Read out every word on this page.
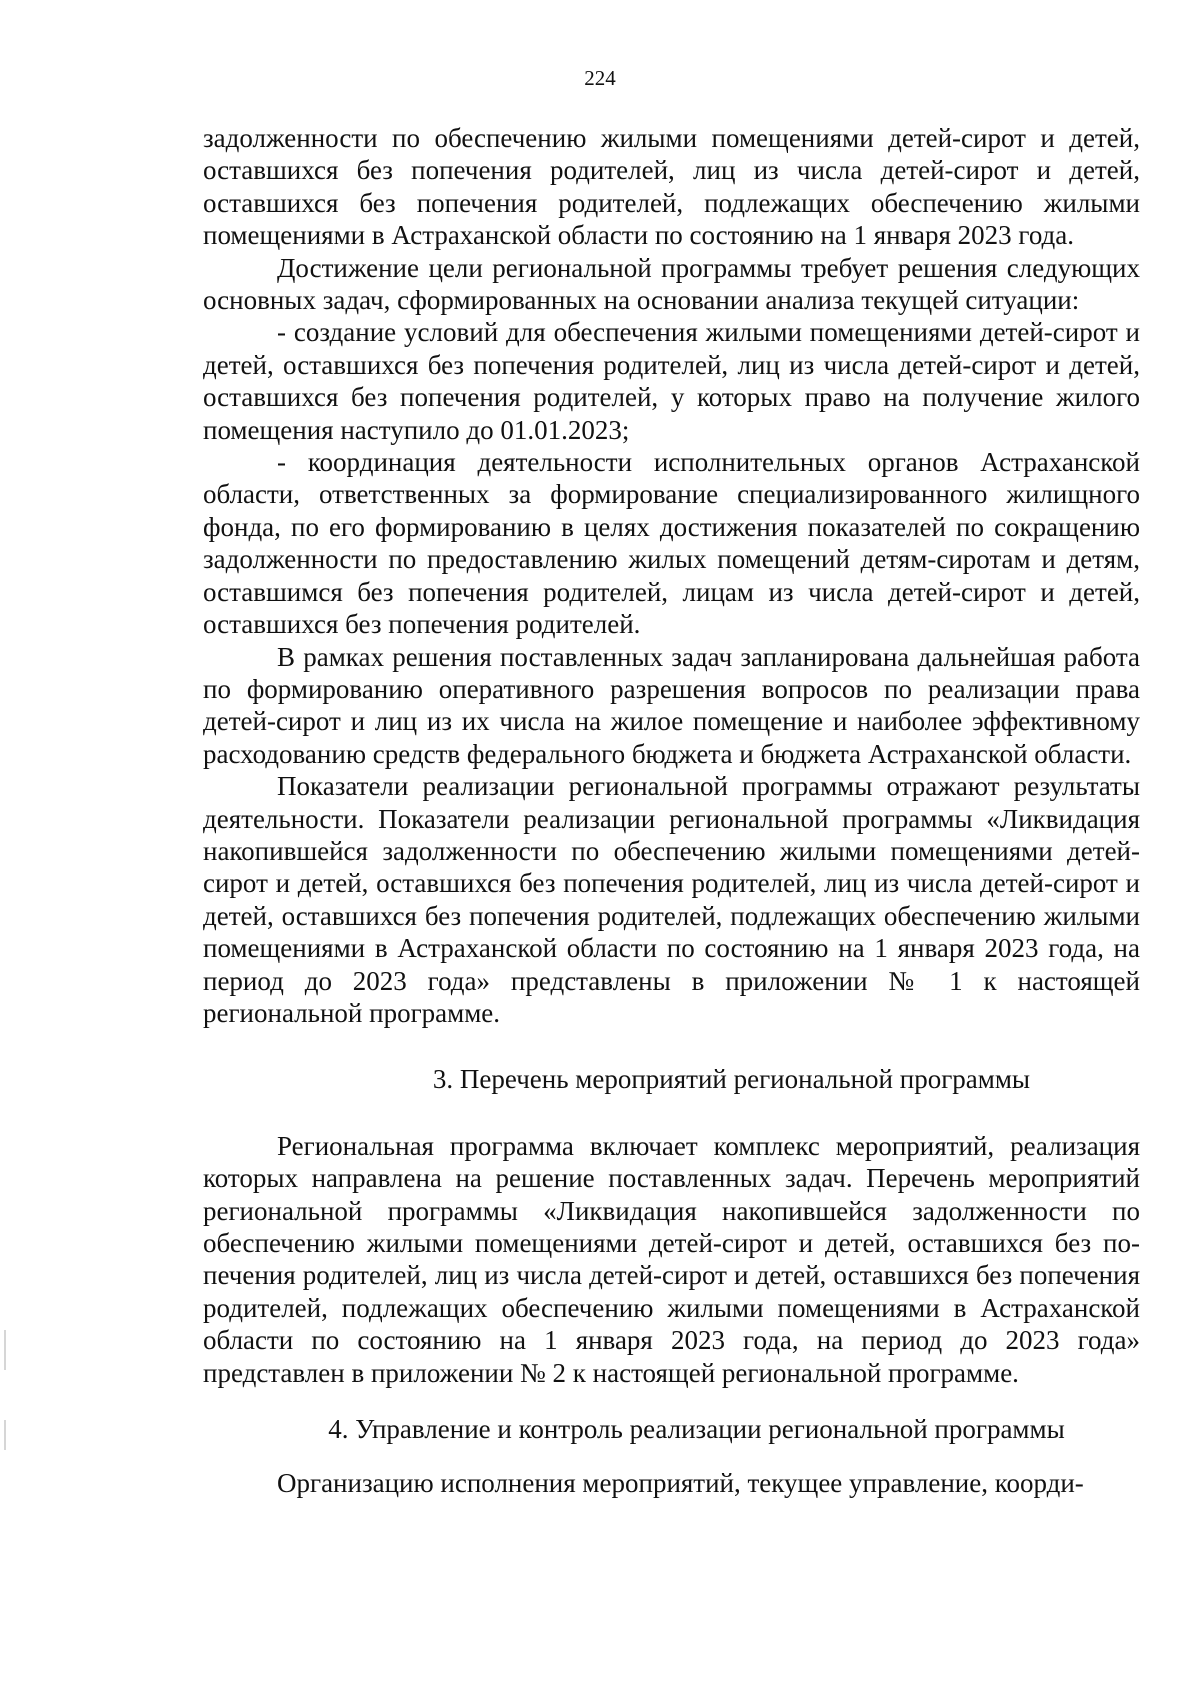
224

задолженности по обеспечению жилыми помещениями детей-сирот и детей, оставшихся без попечения родителей, лиц из числа детей-сирот и детей, оставшихся без попечения родителей, подлежащих обеспечению жилыми помещениями в Астраханской области по состоянию на 1 января 2023 года.

Достижение цели региональной программы требует решения следующих основных задач, сформированных на основании анализа текущей ситуации:

- создание условий для обеспечения жилыми помещениями детей-сирот и детей, оставшихся без попечения родителей, лиц из числа детей-сирот и детей, оставшихся без попечения родителей, у которых право на получение жилого помещения наступило до 01.01.2023;

- координация деятельности исполнительных органов Астраханской области, ответственных за формирование специализированного жилищного фонда, по его формированию в целях достижения показателей по сокращению задолженности по предоставлению жилых помещений детям-сиротам и детям, оставшимся без попечения родителей, лицам из числа детей-сирот и детей, оставшихся без попечения родителей.

В рамках решения поставленных задач запланирована дальнейшая работа по формированию оперативного разрешения вопросов по реализации права детей-сирот и лиц из их числа на жилое помещение и наиболее эффективному расходованию средств федерального бюджета и бюджета Астраханской области.

Показатели реализации региональной программы отражают результаты деятельности. Показатели реализации региональной программы «Ликвидация накопившейся задолженности по обеспечению жилыми помещениями детей-сирот и детей, оставшихся без попечения родителей, лиц из числа детей-сирот и детей, оставшихся без попечения родителей, подлежащих обеспечению жилыми помещениями в Астраханской области по состоянию на 1 января 2023 года, на период до 2023 года» представлены в приложении № 1 к настоящей региональной программе.

3. Перечень мероприятий региональной программы

Региональная программа включает комплекс мероприятий, реализация которых направлена на решение поставленных задач. Перечень мероприятий региональной программы «Ликвидация накопившейся задолженности по обеспечению жилыми помещениями детей-сирот и детей, оставшихся без попечения родителей, лиц из числа детей-сирот и детей, оставшихся без попечения родителей, подлежащих обеспечению жилыми помещениями в Астраханской области по состоянию на 1 января 2023 года, на период до 2023 года» представлен в приложении № 2 к настоящей региональной программе.

4. Управление и контроль реализации региональной программы

Организацию исполнения мероприятий, текущее управление, коорди-
